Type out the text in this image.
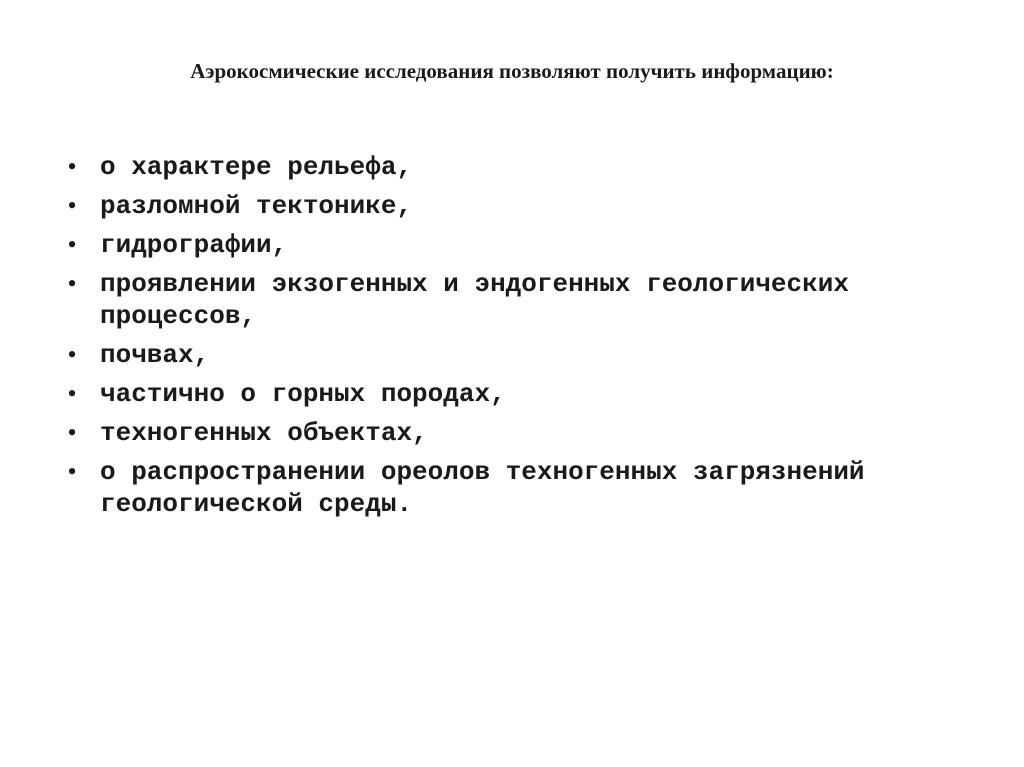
Аэрокосмические исследования позволяют получить информацию:
• о характере рельефа,
• разломной тектонике,
• гидрографии,
• проявлении экзогенных и эндогенных геологических процессов,
• почвах,
• частично о горных породах,
• техногенных объектах,
• о распространении ореолов техногенных загрязнений геологической среды.
